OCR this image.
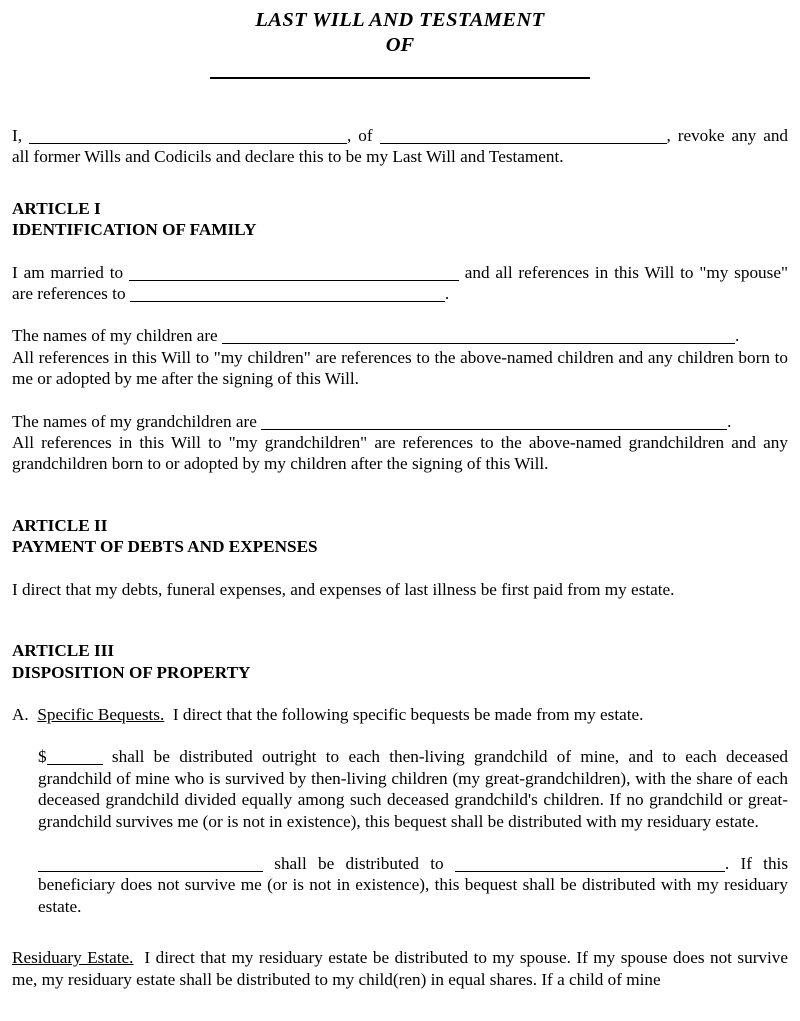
LAST WILL AND TESTAMENT
OF

I,	, of	, revoke any and all former Wills and Codicils and declare this to be my Last Will and Testament.

ARTICLE I
IDENTIFICATION OF FAMILY

I am married to	and all references in this Will to "my spouse" are references to	.

The names of my children are	.

All references in this Will to "my children" are references to the above-named children and any children born to me or adopted by me after the signing of this Will.

The names of my grandchildren are	.

All references in this Will to "my grandchildren" are references to the above-named grandchildren and any grandchildren born to or adopted by my children after the signing of this Will.

ARTICLE II
PAYMENT OF DEBTS AND EXPENSES

I direct that my debts, funeral expenses, and expenses of last illness be first paid from my estate.

ARTICLE III
DISPOSITION OF PROPERTY

A. Specific Bequests. I direct that the following specific bequests be made from my estate.

$	shall be distributed outright to each then-living grandchild of mine, and to each deceased grandchild of mine who is survived by then-living children (my great-grandchildren), with the share of each deceased grandchild divided equally among such deceased grandchild's children. If no grandchild or great-grandchild survives me (or is not in existence), this bequest shall be distributed with my residuary estate.

shall be distributed to	. If this beneficiary does not survive me (or is not in existence), this bequest shall be distributed with my residuary estate.

Residuary Estate. I direct that my residuary estate be distributed to my spouse. If my spouse does not survive me, my residuary estate shall be distributed to my child(ren) in equal shares. If a child of mine
